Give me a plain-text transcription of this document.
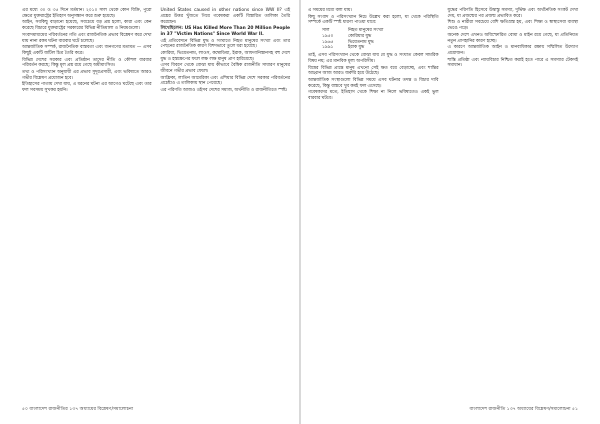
এর মধ্যে ৩০ ও ৩৫ দিনে মর্তমান। ২০১০ সাল থেকে কোন বিক্রি, পুরো ক্ষেত্রে যুক্তরাষ্ট্রের ইতিহাস অনুসন্ধান করে শুরু হয়েছে।

আইন, সবকিছু বাড়ানো হয়েছে, সবচেয়ে বড় প্রশ্ন হলো, কারা এবং কেন করেছে বিচারে যুক্তরাষ্ট্রের সরকারের বিভিন্ন নীতিমালা ও নিয়মগুলো।

সংবাদমাধ্যমের পরিবর্তনের গতি এবং রাজনৈতিক প্রভাব বিশ্লেষণ করে দেখা যায় নানা রকম ঘটনা বারবার ঘটে চলেছে।

আন্তর্জাতিক সম্পর্ক, রাজনৈতিক বাস্তবতা এবং জনগণের মতামত — এসব কিছুই একটি জটিল চিত্র তৈরি করে।

বিভিন্ন দেশের সরকার এবং প্রতিষ্ঠান তাদের নীতি ও কৌশল বারবার পরিবর্তন করছে; কিন্তু মূল প্রশ্ন রয়ে গেছে অমীমাংসিত।

তথ্য ও পরিসংখ্যান অনুযায়ী এর প্রভাব সুদূরপ্রসারী, এবং ভবিষ্যতে আরও গভীর বিশ্লেষণ প্রয়োজন হবে।

ইতিহাসের পাতায় দেখা যায়, এ ধরনের ঘটনা এর আগেও ঘটেছে এবং তার ফল সবসময় সুখকর হয়নি।

United States caused in other nations since WW II? এই প্রশ্নের উত্তর খুঁজতে গিয়ে গবেষকরা একটি বিস্তারিত তালিকা তৈরি করেছেন।

লিখেছিলেন: US Has Killed More Than 20 Million People in 37 "Victim Nations" Since World War II.

এই প্রতিবেদনে বিভিন্ন যুদ্ধ ও সংঘাতে নিহত মানুষের সংখ্যা এবং তার পেছনের রাজনৈতিক কারণ বিশদভাবে তুলে ধরা হয়েছে।

কোরিয়া, ভিয়েতনাম, লাওস, কম্বোডিয়া, ইরাক, আফগানিস্তানসহ বহু দেশে যুদ্ধ ও হস্তক্ষেপের ফলে লক্ষ লক্ষ মানুষ প্রাণ হারিয়েছে।

এসব বিবরণ থেকে বোঝা যায় কীভাবে বৈশ্বিক রাজনীতি সাধারণ মানুষের জীবনে গভীর প্রভাব ফেলে।

আফ্রিকা, লাতিন আমেরিকা এবং এশিয়ার বিভিন্ন দেশে সরকার পরিবর্তনের প্রচেষ্টাও এ তালিকায় স্থান পেয়েছে।

এর পরিণতি আজও ওইসব দেশের সমাজ, অর্থনীতি ও রাজনীতিতে স্পষ্ট।

এ সময়ের মধ্যে বলা যায়।

কিছু সংবাদ ও পরিসংখ্যান নিচে উল্লেখ করা হলো, যা থেকে পরিস্থিতি সম্পর্কে একটি স্পষ্ট ধারণা পাওয়া যাবে:

সাল	নিহত মানুষের সংখ্যা
১৯৫০	কোরিয়ার যুদ্ধ
১৯৬৫	ভিয়েতনাম যুদ্ধ
১৯৯১	ইরাক যুদ্ধ

তাই, এসব পরিসংখ্যান থেকে বোঝা যায় যে যুদ্ধ ও সংঘাত কেবল সামরিক বিষয় নয়; এর মানবিক মূল্য অপরিসীম।

বিশ্বের বিভিন্ন প্রান্তে মানুষ এখনো সেই ক্ষত বয়ে বেড়াচ্ছে, এবং শান্তির আহ্বান আজ আরও জরুরি হয়ে উঠেছে।

আন্তর্জাতিক সংস্থাগুলো বিভিন্ন সময়ে এসব ঘটনার তদন্ত ও বিচার দাবি করেছে, কিন্তু বাস্তবে খুব কমই ফল এসেছে।

গবেষকদের মতে, ইতিহাস থেকে শিক্ষা না নিলে ভবিষ্যতেও একই ভুল বারবার ঘটবে।

যুদ্ধের পরিণতি হিসেবে উদ্বাস্তু সমস্যা, দুর্ভিক্ষ এবং অর্থনৈতিক সংকট দেখা দেয়, যা প্রজন্মের পর প্রজন্ম প্রভাবিত করে।

শিশু ও নারীরা সবচেয়ে বেশি ক্ষতিগ্রস্ত হয়, এবং শিক্ষা ও স্বাস্থ্যসেবা ব্যবস্থা ভেঙে পড়ে।

অনেক দেশে এখনও অবিস্ফোরিত বোমা ও মাইন রয়ে গেছে, যা প্রতিনিয়ত নতুন প্রাণহানির কারণ হচ্ছে।

এ কারণে আন্তর্জাতিক আইন ও মানবাধিকার রক্ষায় সম্মিলিত উদ্যোগ প্রয়োজন।

শান্তি প্রতিষ্ঠা এবং ন্যায়বিচার নিশ্চিত করাই হতে পারে এ সমস্যার টেকসই সমাধান।

৫০ বাংলাদেশ রাজনীতির ১৩৭ অধ্যায়ের বিশ্লেষণ/সমালোচনা	বাংলাদেশ রাজনীতি ১৩৭ অধ্যায়ের বিশ্লেষণ/সমালোচনা ৫১
